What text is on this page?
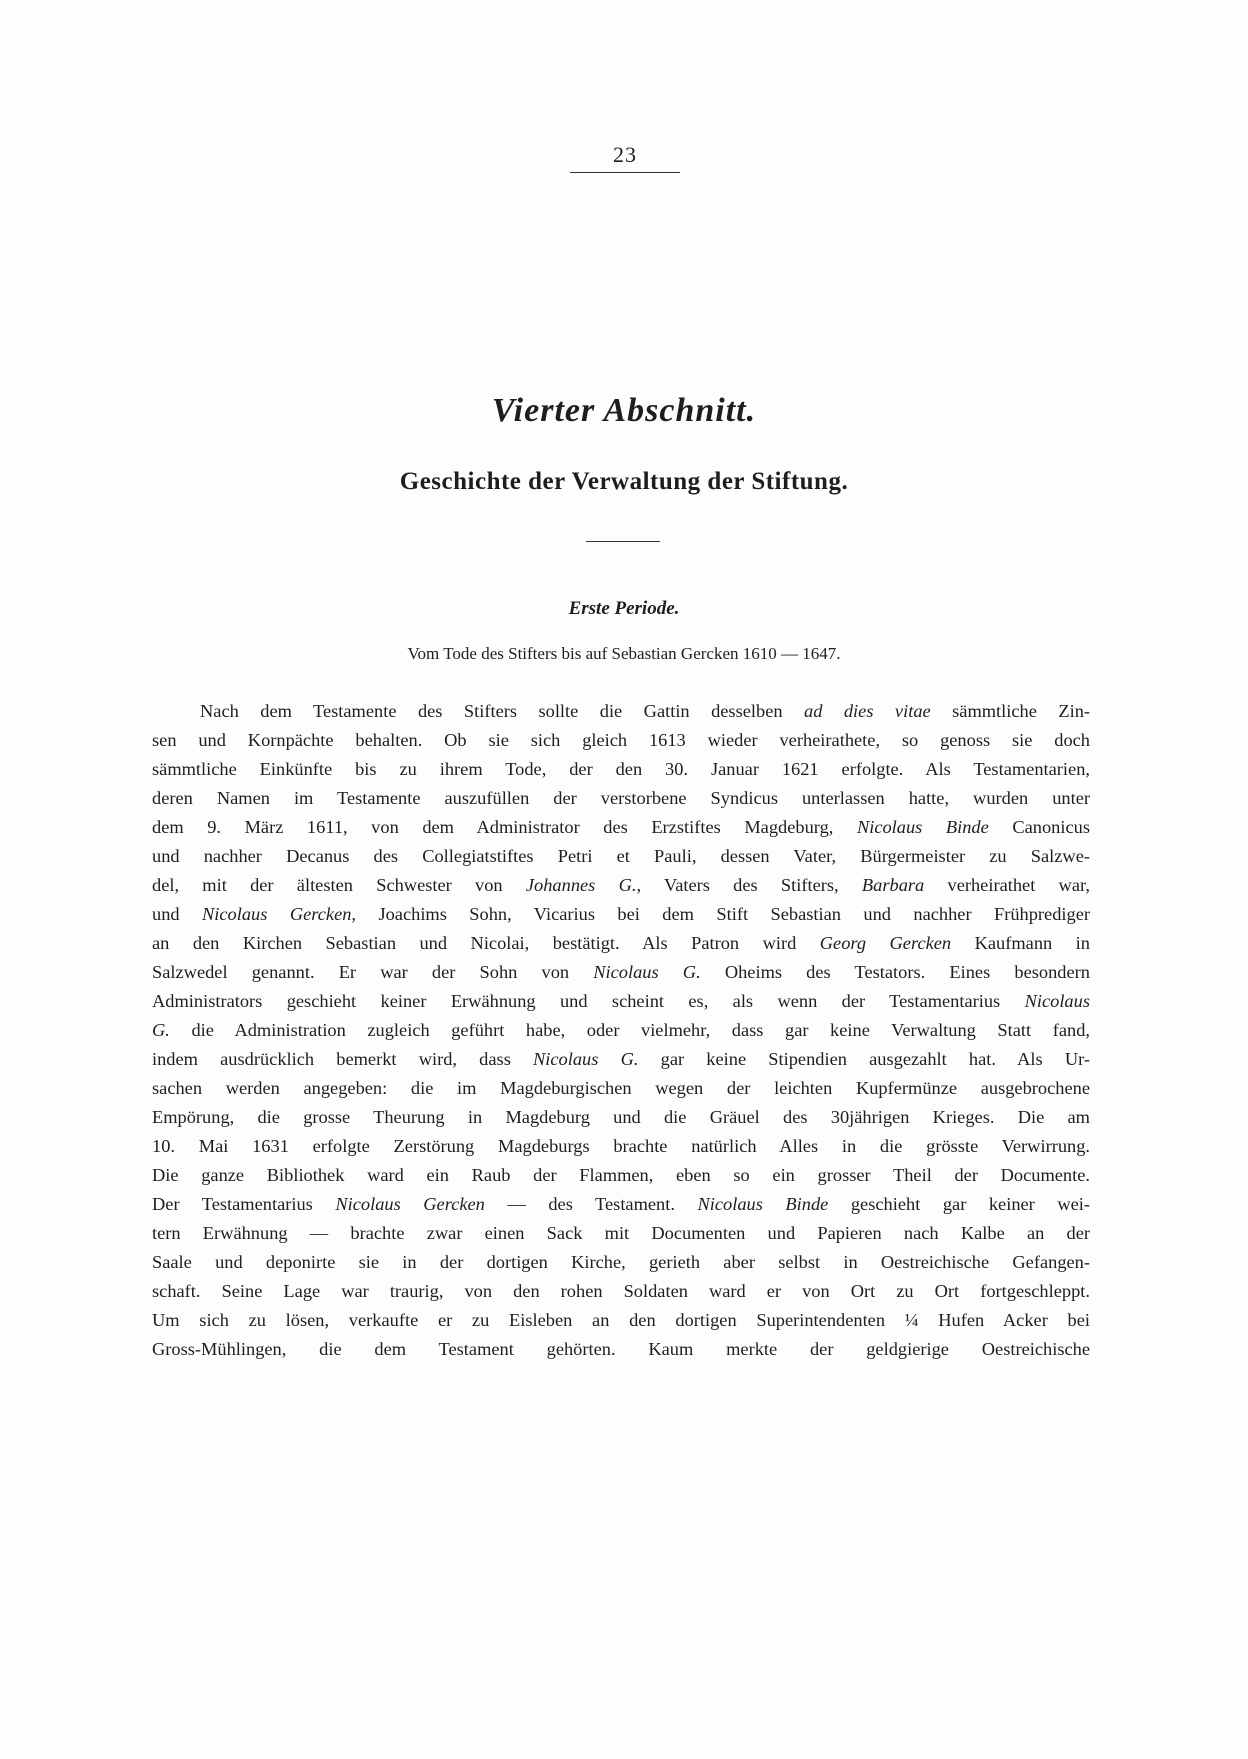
23
Vierter Abschnitt.
Geschichte der Verwaltung der Stiftung.
Erste Periode.
Vom Tode des Stifters bis auf Sebastian Gercken 1610 — 1647.
Nach dem Testamente des Stifters sollte die Gattin desselben ad dies vitae sämmtliche Zin-
sen und Kornpächte behalten. Ob sie sich gleich 1613 wieder verheirathete, so genoss sie doch
sämmtliche Einkünfte bis zu ihrem Tode, der den 30. Januar 1621 erfolgte. Als Testamentarien,
deren Namen im Testamente auszufüllen der verstorbene Syndicus unterlassen hatte, wurden unter
dem 9. März 1611, von dem Administrator des Erzstiftes Magdeburg, Nicolaus Binde Canonicus
und nachher Decanus des Collegiatstiftes Petri et Pauli, dessen Vater, Bürgermeister zu Salzwe-
del, mit der ältesten Schwester von Johannes G., Vaters des Stifters, Barbara verheirathet war,
und Nicolaus Gercken, Joachims Sohn, Vicarius bei dem Stift Sebastian und nachher Frühprediger
an den Kirchen Sebastian und Nicolai, bestätigt. Als Patron wird Georg Gercken Kaufmann in
Salzwedel genannt. Er war der Sohn von Nicolaus G. Oheims des Testators. Eines besondern
Administrators geschieht keiner Erwähnung und scheint es, als wenn der Testamentarius Nicolaus
G. die Administration zugleich geführt habe, oder vielmehr, dass gar keine Verwaltung Statt fand,
indem ausdrücklich bemerkt wird, dass Nicolaus G. gar keine Stipendien ausgezahlt hat. Als Ur-
sachen werden angegeben: die im Magdeburgischen wegen der leichten Kupfermünze ausgebrochene
Empörung, die grosse Theurung in Magdeburg und die Gräuel des 30jährigen Krieges. Die am
10. Mai 1631 erfolgte Zerstörung Magdeburgs brachte natürlich Alles in die grösste Verwirrung.
Die ganze Bibliothek ward ein Raub der Flammen, eben so ein grosser Theil der Documente.
Der Testamentarius Nicolaus Gercken — des Testament. Nicolaus Binde geschieht gar keiner wei-
tern Erwähnung — brachte zwar einen Sack mit Documenten und Papieren nach Kalbe an der
Saale und deponirte sie in der dortigen Kirche, gerieth aber selbst in Oestreichische Gefangen-
schaft. Seine Lage war traurig, von den rohen Soldaten ward er von Ort zu Ort fortgeschleppt.
Um sich zu lösen, verkaufte er zu Eisleben an den dortigen Superintendenten ¼ Hufen Acker bei
Gross-Mühlingen, die dem Testament gehörten. Kaum merkte der geldgierige Oestreichische
